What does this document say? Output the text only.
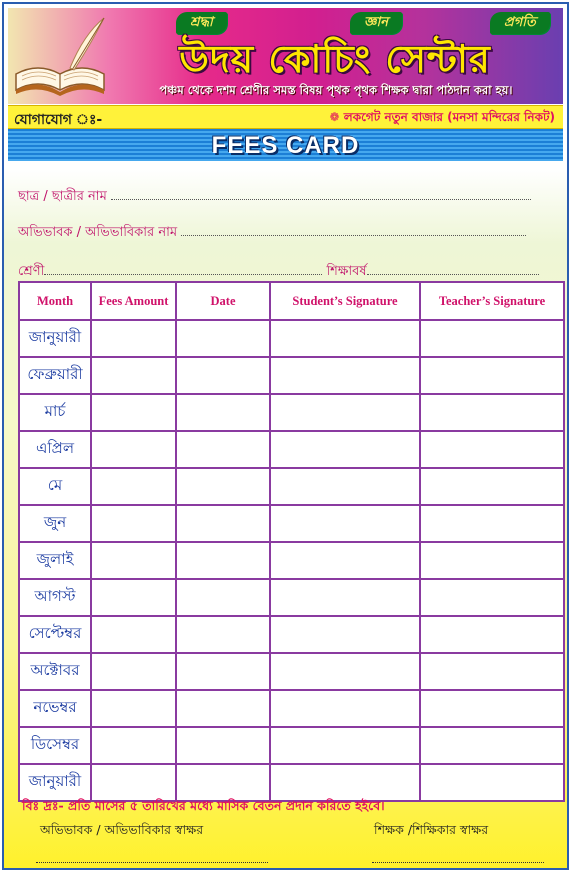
শ্রদ্ধা	জ্ঞান	প্রগতি
উদয় কোচিং সেন্টার
পঞ্চম থেকে দশম শ্রেণীর সমস্ত বিষয় পৃথক পৃথক শিক্ষক দ্বারা পাঠদান করা হয়।
যোগাযোগ ঃ-	❁ লকগেট নতুন বাজার (মনসা মন্দিরের নিকট)
FEES CARD
ছাত্র / ছাত্রীর নাম
অভিভাবক / অভিভাবিকার নাম
শ্রেণী	শিক্ষাবর্ষ
Month	Fees Amount	Date	Student’s Signature	Teacher’s Signature
জানুয়ারী				
ফেব্রুয়ারী				
মার্চ				
এপ্রিল				
মে				
জুন				
জুলাই				
আগস্ট				
সেপ্টেম্বর				
অক্টোবর				
নভেম্বর				
ডিসেম্বর				
জানুয়ারী				
বিঃ দ্রঃ- প্রতি মাসের ৫ তারিখের মধ্যে মাসিক বেতন প্রদান করিতে হইবে।
অভিভাবক / অভিভাবিকার স্বাক্ষর	শিক্ষক /শিক্ষিকার স্বাক্ষর
